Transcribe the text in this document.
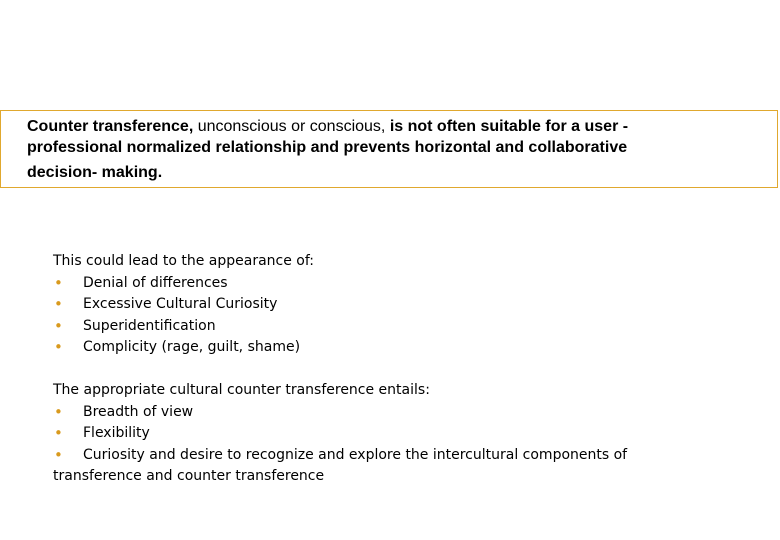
Counter transference, unconscious or conscious, is not often suitable for a user - professional normalized relationship and prevents horizontal and collaborative
decision- making.

This could lead to the appearance of:

• Denial of differences
• Excessive Cultural Curiosity
• Superidentification
• Complicity (rage, guilt, shame)

The appropriate cultural counter transference entails:

• Breadth of view
• Flexibility
• Curiosity and desire to recognize and explore the intercultural components of transference and counter transference
